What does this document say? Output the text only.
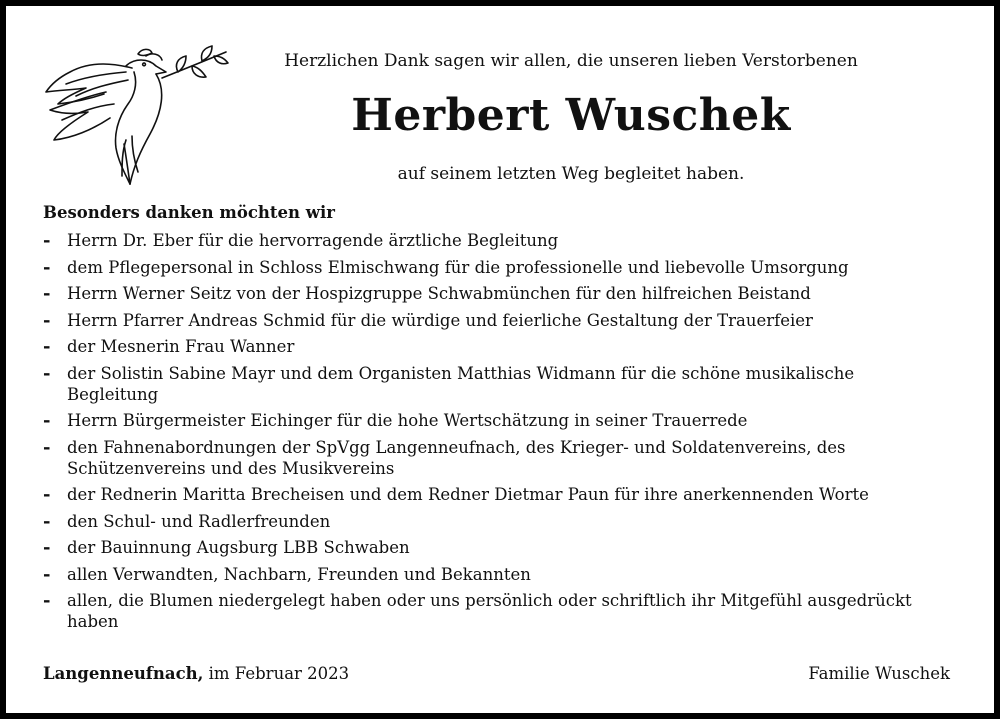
Herzlichen Dank sagen wir allen, die unseren lieben Verstorbenen
Herbert Wuschek
auf seinem letzten Weg begleitet haben.
Besonders danken möchten wir
- Herrn Dr. Eber für die hervorragende ärztliche Begleitung
- dem Pflegepersonal in Schloss Elmischwang für die professionelle und liebevolle Umsorgung
- Herrn Werner Seitz von der Hospizgruppe Schwabmünchen für den hilfreichen Beistand
- Herrn Pfarrer Andreas Schmid für die würdige und feierliche Gestaltung der Trauerfeier
- der Mesnerin Frau Wanner
- der Solistin Sabine Mayr und dem Organisten Matthias Widmann für die schöne musikalische Begleitung
- Herrn Bürgermeister Eichinger für die hohe Wertschätzung in seiner Trauerrede
- den Fahnenabordnungen der SpVgg Langenneufnach, des Krieger- und Soldatenvereins, des Schützenvereins und des Musikvereins
- der Rednerin Maritta Brecheisen und dem Redner Dietmar Paun für ihre anerkennenden Worte
- den Schul- und Radlerfreunden
- der Bauinnung Augsburg LBB Schwaben
- allen Verwandten, Nachbarn, Freunden und Bekannten
- allen, die Blumen niedergelegt haben oder uns persönlich oder schriftlich ihr Mitgefühl ausgedrückt haben
Langenneufnach, im Februar 2023	Familie Wuschek
